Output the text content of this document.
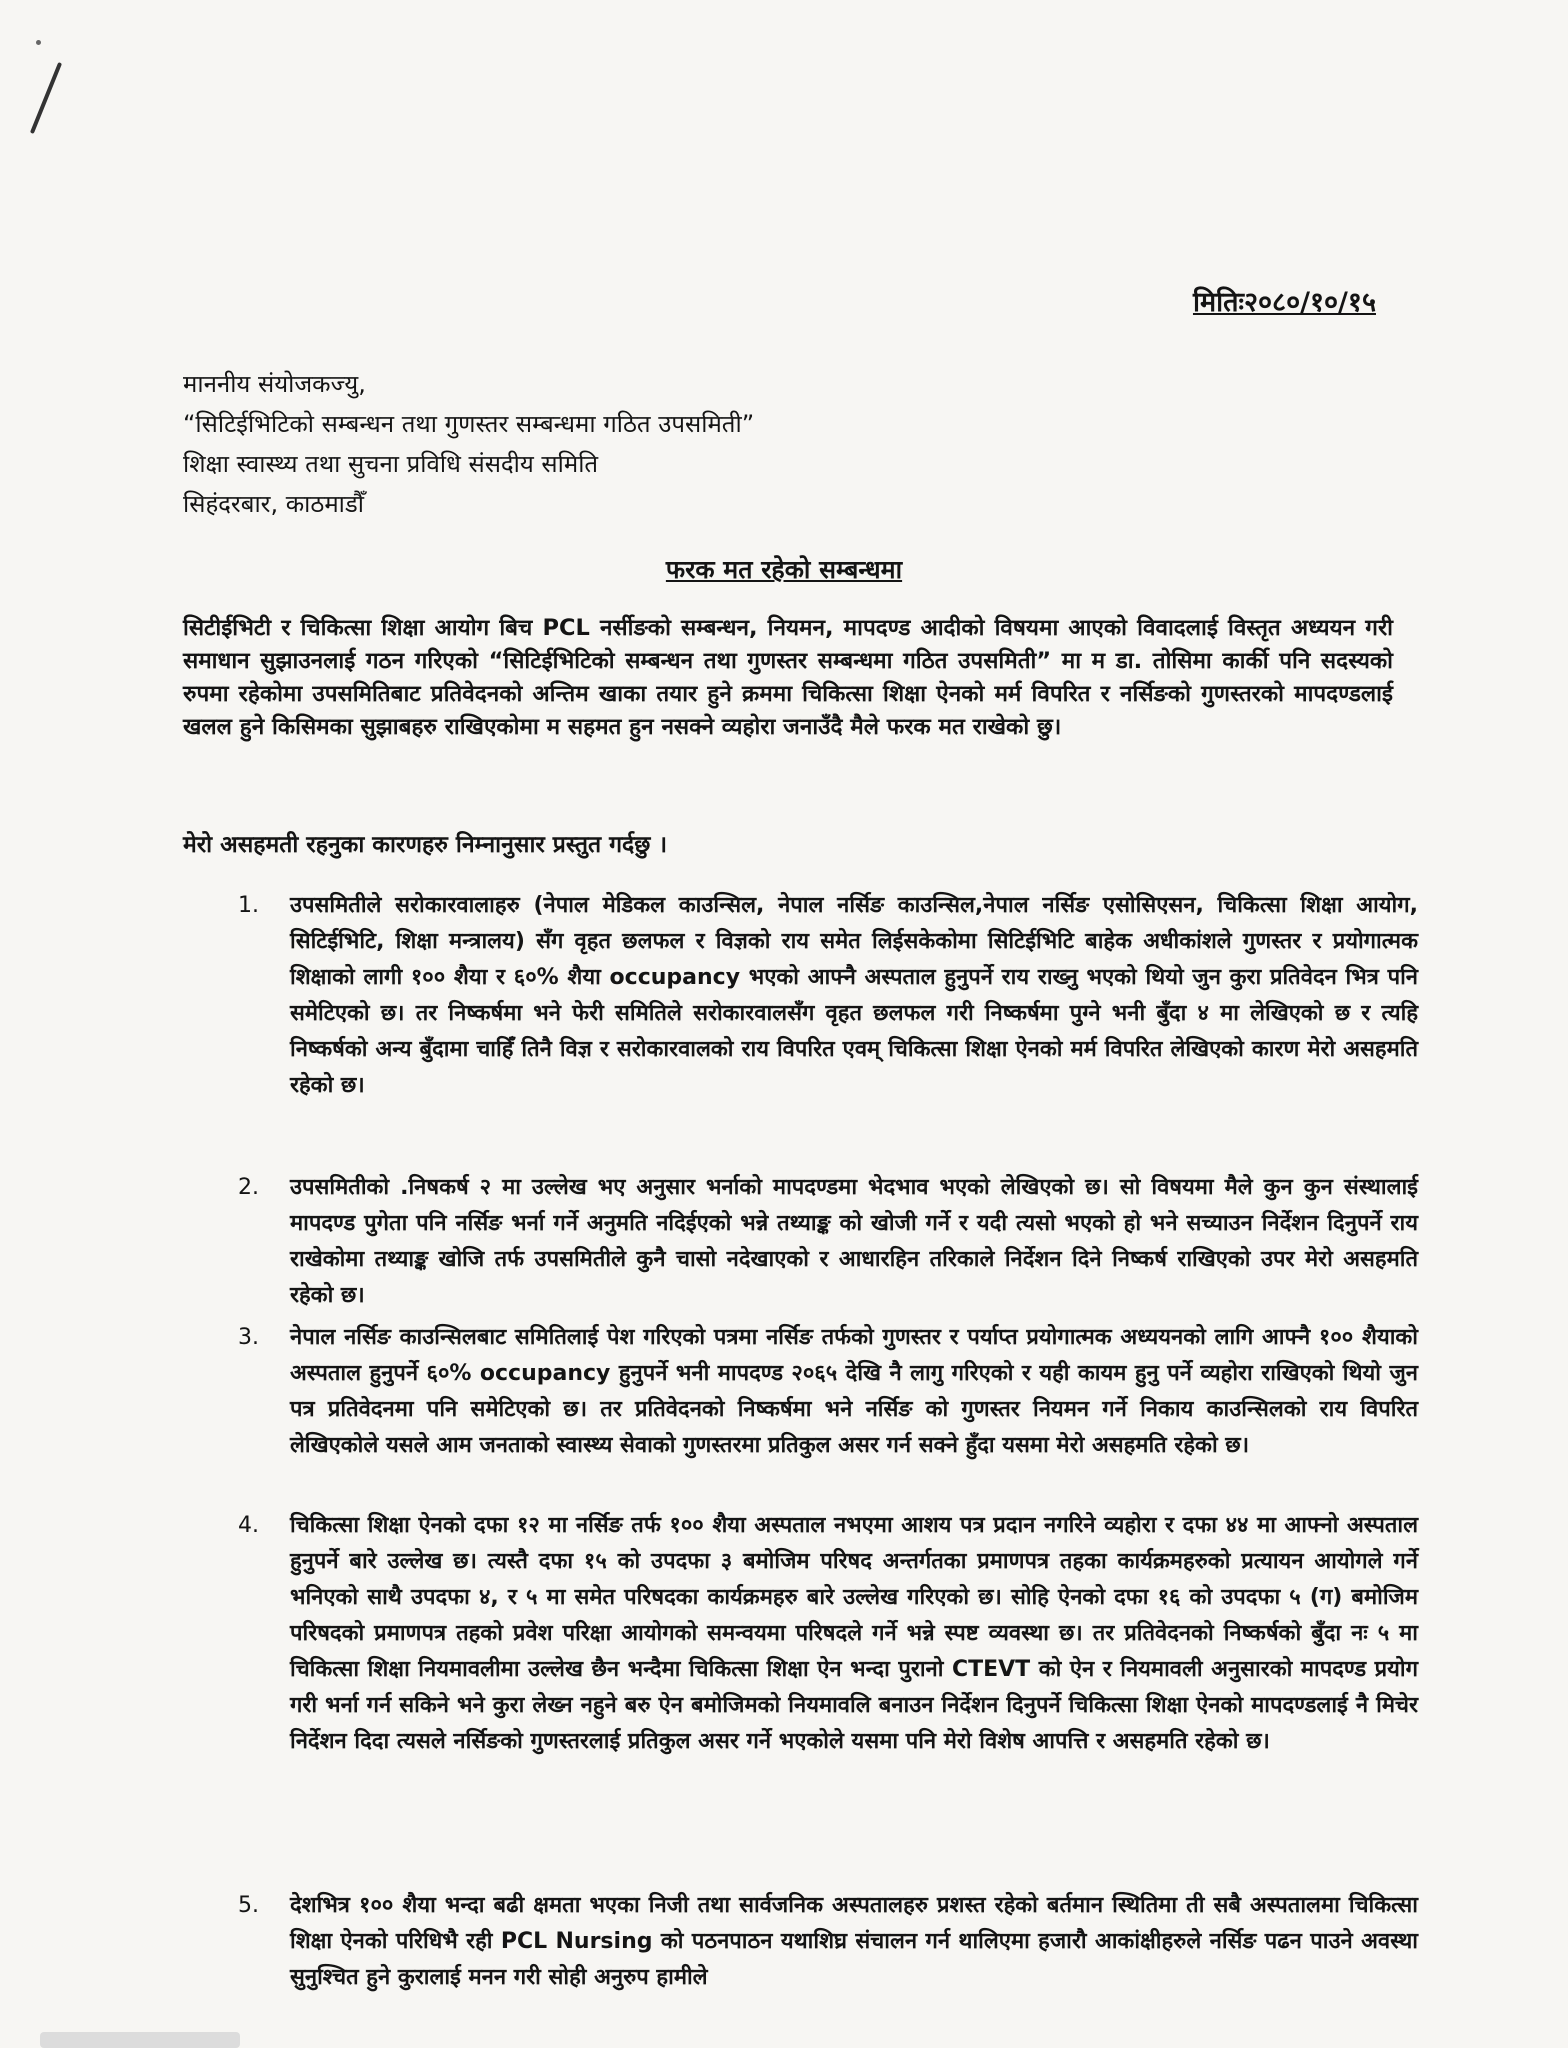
मितिः२०८०/१०/१५
माननीय संयोजकज्यु,
“सिटिईभिटिको सम्बन्धन तथा गुणस्तर सम्बन्धमा गठित उपसमिती”
शिक्षा स्वास्थ्य तथा सुचना प्रविधि संसदीय समिति
सिहंदरबार, काठमाडौँ
फरक मत रहेको सम्बन्धमा

सिटीईभिटी र चिकित्सा शिक्षा आयोग बिच PCL नर्सीङको सम्बन्धन, नियमन, मापदण्ड आदीको विषयमा आएको विवादलाई विस्तृत अध्ययन गरी समाधान सुझाउनलाई गठन गरिएको “सिटिईभिटिको सम्बन्धन तथा गुणस्तर सम्बन्धमा गठित उपसमिती” मा म डा. तोसिमा कार्की पनि सदस्यको रुपमा रहेकोमा उपसमितिबाट प्रतिवेदनको अन्तिम खाका तयार हुने क्रममा चिकित्सा शिक्षा ऐनको मर्म विपरित र नर्सिङको गुणस्तरको मापदण्डलाई खलल हुने किसिमका सुझाबहरु राखिएकोमा म सहमत हुन नसक्ने व्यहोरा जनाउँदै मैले फरक मत राखेको छु।

मेरो असहमती रहनुका कारणहरु निम्नानुसार प्रस्तुत गर्दछु ।

1.	उपसमितीले सरोकारवालाहरु (नेपाल मेडिकल काउन्सिल, नेपाल नर्सिङ काउन्सिल,नेपाल नर्सिङ एसोसिएसन, चिकित्सा शिक्षा आयोग, सिटिईभिटि, शिक्षा मन्त्रालय) सँग वृहत छलफल र विज्ञको राय समेत लिईसकेकोमा सिटिईभिटि बाहेक अधीकांशले गुणस्तर र प्रयोगात्मक शिक्षाको लागी १०० शैया र ६०% शैया occupancy भएको आफ्नै अस्पताल हुनुपर्ने राय राख्नु भएको थियो जुन कुरा प्रतिवेदन भित्र पनि समेटिएको छ। तर निष्कर्षमा भने फेरी समितिले सरोकारवालसँग वृहत छलफल गरी निष्कर्षमा पुग्ने भनी बुँदा ४ मा लेखिएको छ र त्यहि निष्कर्षको अन्य बुँदामा चाहिँ तिनै विज्ञ र सरोकारवालको राय विपरित एवम् चिकित्सा शिक्षा ऐनको मर्म विपरित लेखिएको कारण मेरो असहमति रहेको छ।

2.	उपसमितीको .निषकर्ष २ मा उल्लेख भए अनुसार भर्नाको मापदण्डमा भेदभाव भएको लेखिएको छ। सो विषयमा मैले कुन कुन संस्थालाई मापदण्ड पुगेता पनि नर्सिङ भर्ना गर्ने अनुमति नदिईएको भन्ने तथ्याङ्क को खोजी गर्ने र यदी त्यसो भएको हो भने सच्याउन निर्देशन दिनुपर्ने राय राखेकोमा तथ्याङ्क खोजि तर्फ उपसमितीले कुनै चासो नदेखाएको र आधारहिन तरिकाले निर्देशन दिने निष्कर्ष राखिएको उपर मेरो असहमति रहेको छ।

3.	नेपाल नर्सिङ काउन्सिलबाट समितिलाई पेश गरिएको पत्रमा नर्सिङ तर्फको गुणस्तर र पर्याप्त प्रयोगात्मक अध्ययनको लागि आफ्नै १०० शैयाको अस्पताल हुनुपर्ने ६०% occupancy हुनुपर्ने भनी मापदण्ड २०६५ देखि नै लागु गरिएको र यही कायम हुनु पर्ने व्यहोरा राखिएको थियो जुन पत्र प्रतिवेदनमा पनि समेटिएको छ। तर प्रतिवेदनको निष्कर्षमा भने नर्सिङ को गुणस्तर नियमन गर्ने निकाय काउन्सिलको राय विपरित लेखिएकोले यसले आम जनताको स्वास्थ्य सेवाको गुणस्तरमा प्रतिकुल असर गर्न सक्ने हुँदा यसमा मेरो असहमति रहेको छ।

4.	चिकित्सा शिक्षा ऐनको दफा १२ मा नर्सिङ तर्फ १०० शैया अस्पताल नभएमा आशय पत्र प्रदान नगरिने व्यहोरा र दफा ४४ मा आफ्नो अस्पताल हुनुपर्ने बारे उल्लेख छ। त्यस्तै दफा १५ को उपदफा ३ बमोजिम परिषद अन्तर्गतका प्रमाणपत्र तहका कार्यक्रमहरुको प्रत्यायन आयोगले गर्ने भनिएको साथै उपदफा ४, र ५ मा समेत परिषदका कार्यक्रमहरु बारे उल्लेख गरिएको छ। सोहि ऐनको दफा १६ को उपदफा ५ (ग) बमोजिम परिषदको प्रमाणपत्र तहको प्रवेश परिक्षा आयोगको समन्वयमा परिषदले गर्ने भन्ने स्पष्ट व्यवस्था छ। तर प्रतिवेदनको निष्कर्षको बुँदा नः ५ मा चिकित्सा शिक्षा नियमावलीमा उल्लेख छैन भन्दैमा चिकित्सा शिक्षा ऐन भन्दा पुरानो CTEVT को ऐन र नियमावली अनुसारको मापदण्ड प्रयोग गरी भर्ना गर्न सकिने भने कुरा लेख्न नहुने बरु ऐन बमोजिमको नियमावलि बनाउन निर्देशन दिनुपर्ने चिकित्सा शिक्षा ऐनको मापदण्डलाई नै मिचेर निर्देशन दिदा त्यसले नर्सिङको गुणस्तरलाई प्रतिकुल असर गर्ने भएकोले यसमा पनि मेरो विशेष आपत्ति र असहमति रहेको छ।

5.	देशभित्र १०० शैया भन्दा बढी क्षमता भएका निजी तथा सार्वजनिक अस्पतालहरु प्रशस्त रहेको बर्तमान स्थितिमा ती सबै अस्पतालमा चिकित्सा शिक्षा ऐनको परिधिभै रही PCL Nursing को पठनपाठन यथाशिघ्र संचालन गर्न थालिएमा हजारौ आकांक्षीहरुले नर्सिङ पढन पाउने अवस्था सुनुश्चित हुने कुरालाई मनन गरी सोही अनुरुप हामीले
